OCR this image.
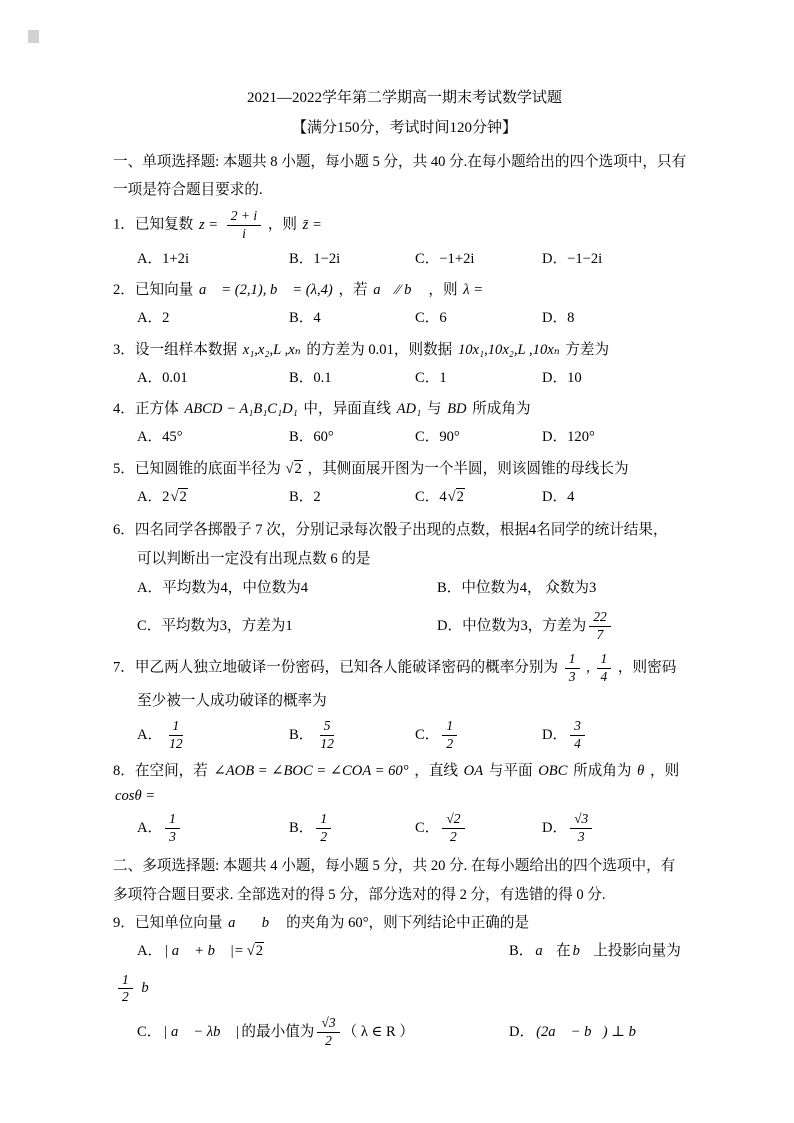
2021—2022学年第二学期高一期末考试数学试题

【满分150分，考试时间120分钟】

一、单项选择题: 本题共 8 小题，每小题 5 分，共 40 分.在每小题给出的四个选项中，只有

一项是符合题目要求的.

1．已知复数 $z = \frac{2 + i}{i}$ ，则 z̄ =

A．1+2i	B．1−2i	C．−1+2i	D．−1−2i

2．已知向量 a⃗ = (2,1), b⃗ = (λ,4) ，若 a⃗ ∕∕ b⃗ ，则 λ =

A．2	B．4	C．6	D．8

3．设一组样本数据 x₁,x₂,L ,xₙ 的方差为 0.01，则数据 10x₁,10x₂,L ,10xₙ 方差为

A．0.01	B．0.1	C．1	D．10

4．正方体 ABCD − A₁B₁C₁D₁ 中，异面直线 AD₁ 与 BD 所成角为

A．45°	B．60°	C．90°	D．120°

5．已知圆锥的底面半径为 √2 ，其侧面展开图为一个半圆，则该圆锥的母线长为

A．2 √2	B．2	C．4 √2	D．4

6．四名同学各掷骰子 7 次，分别记录每次骰子出现的点数，根据4名同学的统计结果，

可以判断出一定没有出现点数 6 的是

A．平均数为4，中位数为4	B．中位数为4， 众数为3
C．平均数为3，方差为1	D．中位数为3，方差为 $\frac{22}{7}$

7．甲乙两人独立地破译一份密码，已知各人能破译密码的概率分别为 $\frac{1}{3}$ , $\frac{1}{4}$ ，则密码

至少被一人成功破译的概率为

A． $\frac{1}{12}$	B． $\frac{5}{12}$	C． $\frac{1}{2}$	D． $\frac{3}{4}$

8．在空间，若 ∠AOB = ∠BOC = ∠COA = 60° ，直线 OA 与平面 OBC 所成角为 θ ，则 cosθ =

A． $\frac{1}{3}$	B． $\frac{1}{2}$	C． $\frac{√2}{2}$	D． $\frac{√3}{3}$

二、多项选择题: 本题共 4 小题，每小题 5 分，共 20 分. 在每小题给出的四个选项中，有

多项符合题目要求. 全部选对的得 5 分，部分选对的得 2 分，有选错的得 0 分.

9．已知单位向量 a⃗ ，b⃗ 的夹角为 60°，则下列结论中正确的是

A． | a⃗ + b⃗ |= √2	B． a⃗ 在 b⃗ 上投影向量为

$\frac{1}{2}$ b⃗

C． | a⃗ − λb⃗ | 的最小值为 $\frac{√3}{2}$ （ λ ∈ R ）	D． (2a⃗ − b⃗) ⊥ b⃗
